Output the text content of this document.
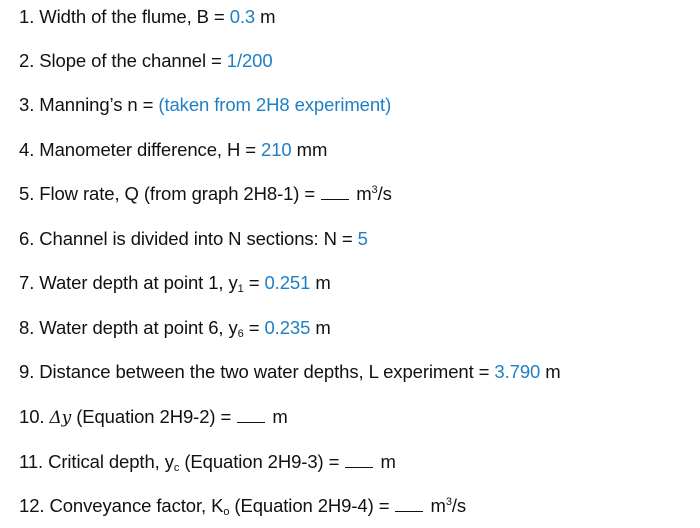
1. Width of the flume, B = 0.3 m
2. Slope of the channel = 1/200
3. Manning’s n = (taken from 2H8 experiment)
4. Manometer difference, H = 210 mm
5. Flow rate, Q (from graph $2H8-1) = m^3/s$
6. Channel is divided into N sections: N = 5
7. Water depth at point 1, $y_1 = 0.251$ m
8. Water depth at point 6, $y_6 = 0.235$ m
9. Distance between the two water depths, L experiment = 3.790 m
10. Δy (Equation 2H9-2) =  m
11. Critical depth, $y_c$ (Equation 2H9-3) =  m
12. Conveyance factor, $K_o$ (Equation $2H9-4) = m^3/s$
